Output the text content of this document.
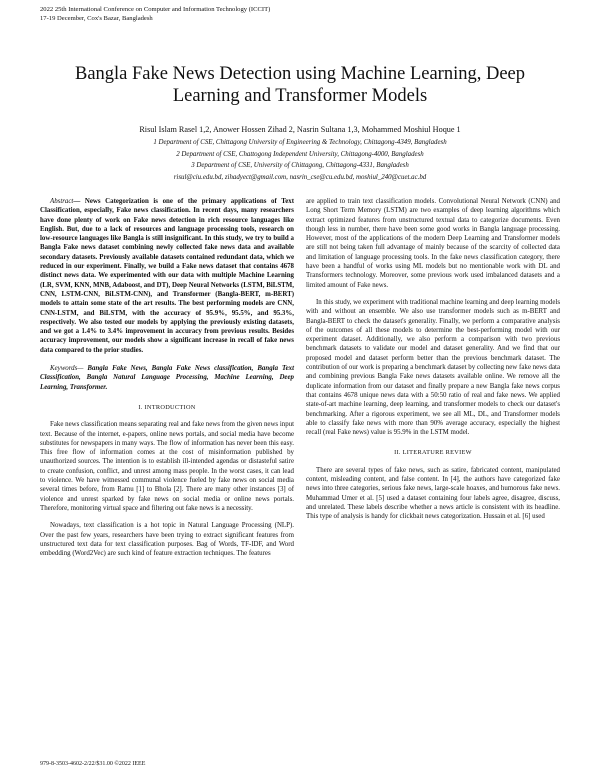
2022 25th International Conference on Computer and Information Technology (ICCIT)
17-19 December, Cox's Bazar, Bangladesh
Bangla Fake News Detection using Machine Learning, Deep Learning and Transformer Models
Risul Islam Rasel 1,2, Anower Hossen Zihad 2, Nasrin Sultana 1,3, Mohammed Moshiul Hoque 1
1 Department of CSE, Chittagong University of Engineering & Technology, Chittagong-4349, Bangladesh
2 Department of CSE, Chattogong Independent University, Chittagong-4000, Bangladesh
3 Department of CSE, University of Chittagong, Chittagong-4331, Bangladesh
risul@ciu.edu.bd, zihadyect@gmail.com, nasrin_cse@cu.edu.bd, moshiul_240@cuet.ac.bd

Abstract— News Categorization is one of the primary applications of Text Classification, especially, Fake news classification. In recent days, many researchers have done plenty of work on Fake news detection in rich resource languages like English. But, due to a lack of resources and language processing tools, research on low-resource languages like Bangla is still insignificant. In this study, we try to build a Bangla Fake news dataset combining newly collected fake news data and available secondary datasets. Previously available datasets contained redundant data, which we reduced in our experiment. Finally, we build a Fake news dataset that contains 4678 distinct news data. We experimented with our data with multiple Machine Learning (LR, SVM, KNN, MNB, Adaboost, and DT), Deep Neural Networks (LSTM, BiLSTM, CNN, LSTM-CNN, BiLSTM-CNN), and Transformer (Bangla-BERT, m-BERT) models to attain some state of the art results. The best performing models are CNN, CNN-LSTM, and BiLSTM, with the accuracy of 95.9%, 95.5%, and 95.3%, respectively. We also tested our models by applying the previously existing datasets, and we got a 1.4% to 3.4% improvement in accuracy from previous results. Besides accuracy improvement, our models show a significant increase in recall of fake news data compared to the prior studies.

Keywords— Bangla Fake News, Bangla Fake News classification, Bangla Text Classification, Bangla Natural Language Processing, Machine Learning, Deep Learning, Transformer.

I. INTRODUCTION

Fake news classification means separating real and fake news from the given news input text. Because of the internet, e-papers, online news portals, and social media have become substitutes for newspapers in many ways. The flow of information has never been this easy. This free flow of information comes at the cost of misinformation published by unauthorized sources. The intention is to establish ill-intended agendas or distasteful satire to create confusion, conflict, and unrest among mass people. In the worst cases, it can lead to violence. We have witnessed communal violence fueled by fake news on social media several times before, from Ramu [1] to Bhola [2]. There are many other instances [3] of violence and unrest sparked by fake news on social media or online news portals. Therefore, monitoring virtual space and filtering out fake news is a necessity.

Nowadays, text classification is a hot topic in Natural Language Processing (NLP). Over the past few years, researchers have been trying to extract significant features from unstructured text data for text classification purposes. Bag of Words, TF-IDF, and Word embedding (Word2Vec) are such kind of feature extraction techniques. The features

are applied to train text classification models. Convolutional Neural Network (CNN) and Long Short Term Memory (LSTM) are two examples of deep learning algorithms which extract optimized features from unstructured textual data to categorize documents. Even though less in number, there have been some good works in Bangla language processing. However, most of the applications of the modern Deep Learning and Transformer models are still not being taken full advantage of mainly because of the scarcity of collected data and limitation of language processing tools. In the fake news classification category, there have been a handful of works using ML models but no mentionable work with DL and Transformers technology. Moreover, some previous work used imbalanced datasets and a limited amount of Fake news.

In this study, we experiment with traditional machine learning and deep learning models with and without an ensemble. We also use transformer models such as m-BERT and Bangla-BERT to check the dataset's generality. Finally, we perform a comparative analysis of the outcomes of all these models to determine the best-performing model with our experiment dataset. Additionally, we also perform a comparison with two previous benchmark datasets to validate our model and dataset generality. And we find that our proposed model and dataset perform better than the previous benchmark dataset. The contribution of our work is preparing a benchmark dataset by collecting new fake news data and combining previous Bangla Fake news datasets available online. We remove all the duplicate information from our dataset and finally prepare a new Bangla fake news corpus that contains 4678 unique news data with a 50:50 ratio of real and fake news. We applied state-of-art machine learning, deep learning, and transformer models to check our dataset's benchmarking. After a rigorous experiment, we see all ML, DL, and Transformer models able to classify fake news with more than 90% average accuracy, especially the highest recall (real Fake news) value is 95.9% in the LSTM model.

II. LITERATURE REVIEW

There are several types of fake news, such as satire, fabricated content, manipulated content, misleading content, and false content. In [4], the authors have categorized fake news into three categories, serious fake news, large-scale hoaxes, and humorous fake news. Muhammad Umer et al. [5] used a dataset containing four labels agree, disagree, discuss, and unrelated. These labels describe whether a news article is consistent with its headline. This type of analysis is handy for clickbait news categorization. Hussain et al. [6] used

979-8-3503-4602-2/22/$31.00 ©2022 IEEE
